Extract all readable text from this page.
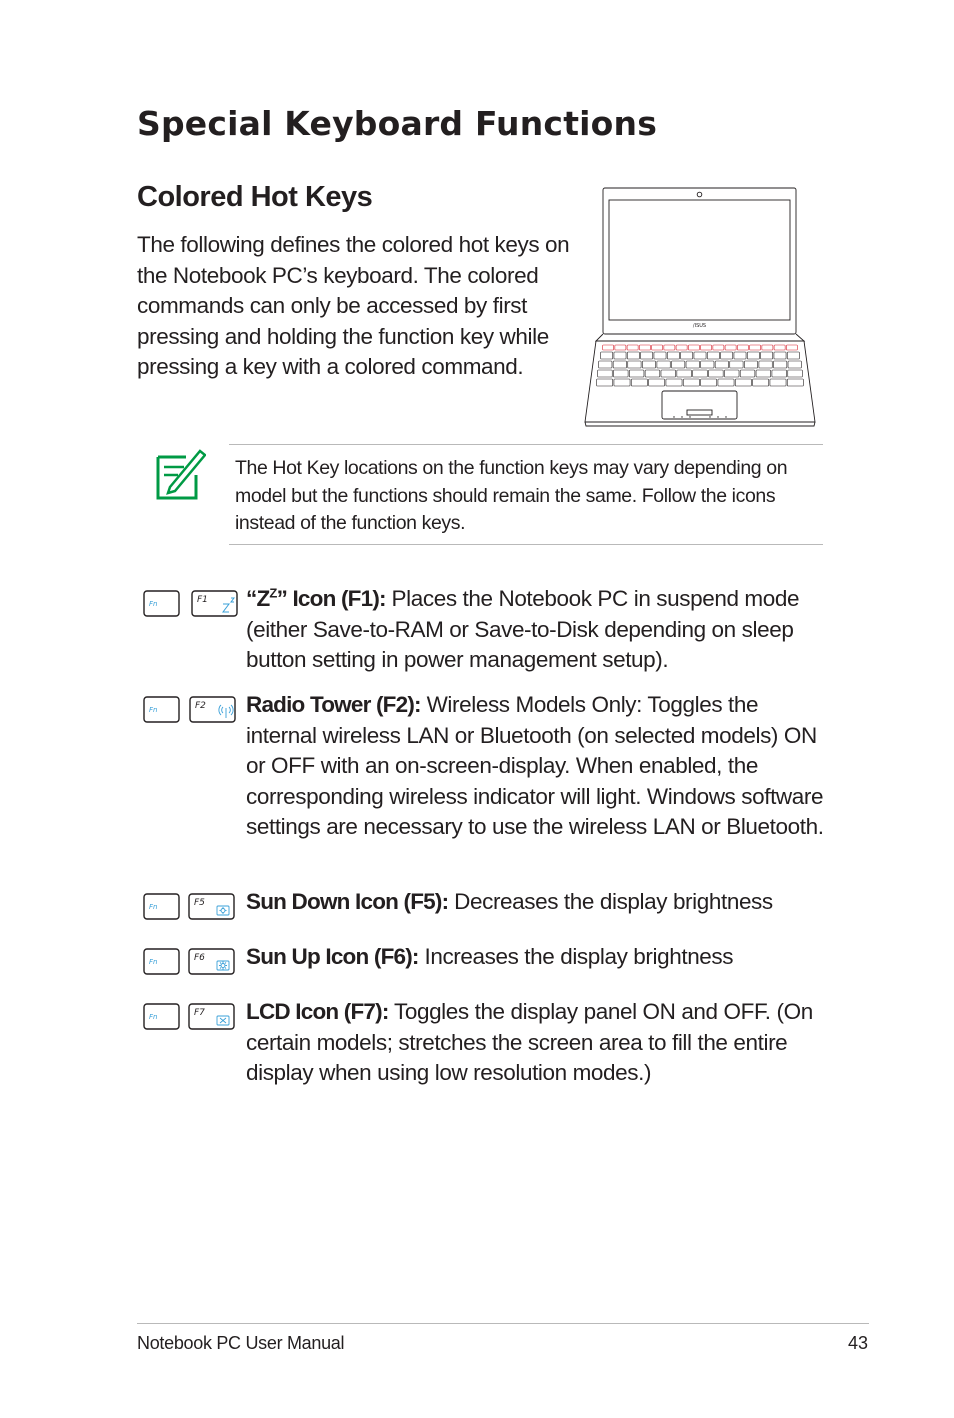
Special Keyboard Functions
Colored Hot Keys

The following defines the colored hot keys on the Notebook PC’s keyboard. The colored commands can only be accessed by first pressing and holding the function key while pressing a key with a colored command.

/ISUS

The Hot Key locations on the function keys may vary depending on model but the functions should remain the same. Follow the icons instead of the function keys.

Fn	F1 “$Z^Z$” Icon (F1): Places the Notebook PC in suspend mode (either Save-to-RAM or Save-to-Disk depending on sleep button setting in power management setup).

Fn	F2 Radio Tower (F2): Wireless Models Only: Toggles the internal wireless LAN or Bluetooth (on selected models) ON or OFF with an on-screen-display. When enabled, the corresponding wireless indicator will light. Windows software settings are necessary to use the wireless LAN or Bluetooth.

Fn	F5 Sun Down Icon (F5): Decreases the display brightness

Fn	F6 Sun Up Icon (F6): Increases the display brightness

Fn	F7 LCD Icon (F7): Toggles the display panel ON and OFF. (On certain models; stretches the screen area to fill the entire display when using low resolution modes.)

Notebook PC User Manual	43
